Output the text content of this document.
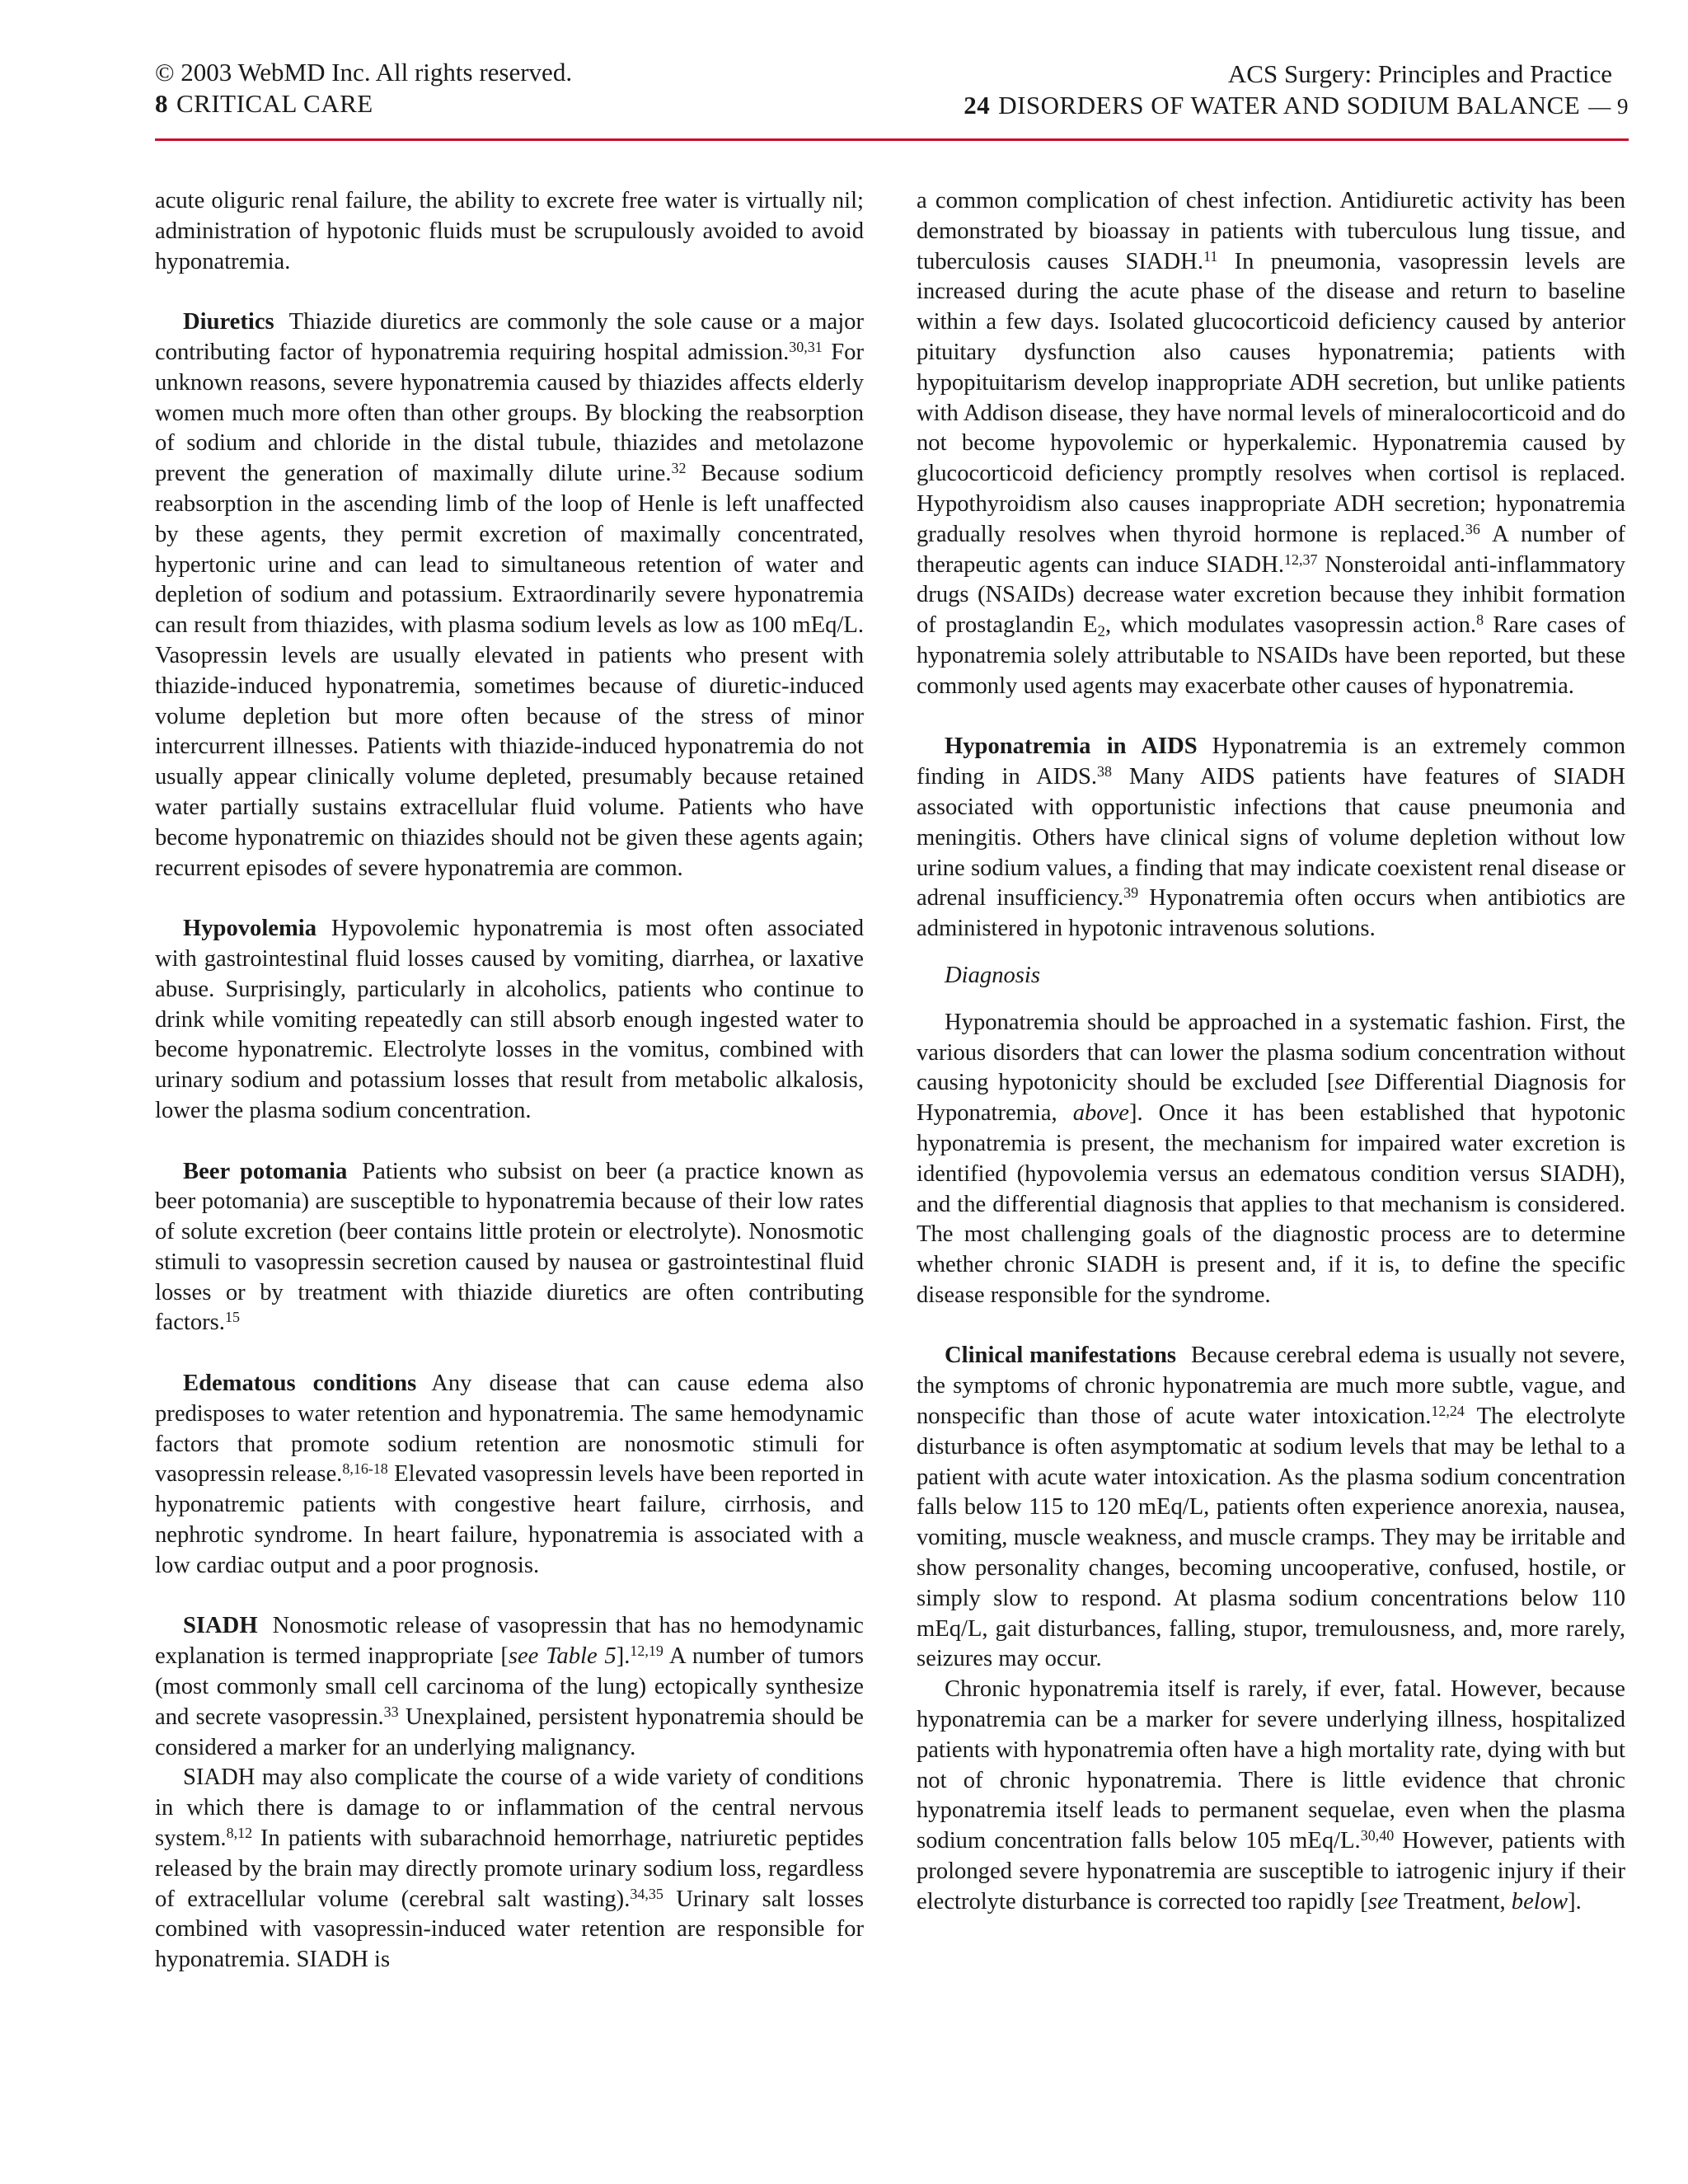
© 2003 WebMD Inc. All rights reserved.
8 CRITICAL CARE
ACS Surgery: Principles and Practice
24 DISORDERS OF WATER AND SODIUM BALANCE — 9

acute oliguric renal failure, the ability to excrete free water is virtually nil; administration of hypotonic fluids must be scrupulously avoided to avoid hyponatremia.

Diuretics Thiazide diuretics are commonly the sole cause or a major contributing factor of hyponatremia requiring hospital admission.$^{30,31}$ For unknown reasons, severe hyponatremia caused by thiazides affects elderly women much more often than other groups. By blocking the reabsorption of sodium and chloride in the distal tubule, thiazides and metolazone prevent the generation of maximally dilute urine.$^{32}$ Because sodium reabsorption in the ascending limb of the loop of Henle is left unaffected by these agents, they permit excretion of maximally concentrated, hypertonic urine and can lead to simultaneous retention of water and depletion of sodium and potassium. Extraordinarily severe hyponatremia can result from thiazides, with plasma sodium levels as low as 100 mEq/L. Vasopressin levels are usually elevated in patients who present with thiazide-induced hyponatremia, sometimes because of diuretic-induced volume depletion but more often because of the stress of minor intercurrent illnesses. Patients with thiazide-induced hyponatremia do not usually appear clinically volume depleted, presumably because retained water partially sustains extracellular fluid volume. Patients who have become hyponatremic on thiazides should not be given these agents again; recurrent episodes of severe hyponatremia are common.

Hypovolemia Hypovolemic hyponatremia is most often associated with gastrointestinal fluid losses caused by vomiting, diarrhea, or laxative abuse. Surprisingly, particularly in alcoholics, patients who continue to drink while vomiting repeatedly can still absorb enough ingested water to become hyponatremic. Electrolyte losses in the vomitus, combined with urinary sodium and potassium losses that result from metabolic alkalosis, lower the plasma sodium concentration.

Beer potomania Patients who subsist on beer (a practice known as beer potomania) are susceptible to hyponatremia because of their low rates of solute excretion (beer contains little protein or electrolyte). Nonosmotic stimuli to vasopressin secretion caused by nausea or gastrointestinal fluid losses or by treatment with thiazide diuretics are often contributing factors.$^{15}$

Edematous conditions Any disease that can cause edema also predisposes to water retention and hyponatremia. The same hemodynamic factors that promote sodium retention are nonosmotic stimuli for vasopressin release.$^{8,16-18}$ Elevated vasopressin levels have been reported in hyponatremic patients with congestive heart failure, cirrhosis, and nephrotic syndrome. In heart failure, hyponatremia is associated with a low cardiac output and a poor prognosis.

SIADH Nonosmotic release of vasopressin that has no hemodynamic explanation is termed inappropriate [see Table 5].$^{12,19}$ A number of tumors (most commonly small cell carcinoma of the lung) ectopically synthesize and secrete vasopressin.$^{33}$ Unexplained, persistent hyponatremia should be considered a marker for an underlying malignancy.

SIADH may also complicate the course of a wide variety of conditions in which there is damage to or inflammation of the central nervous system.$^{8,12}$ In patients with subarachnoid hemorrhage, natriuretic peptides released by the brain may directly promote urinary sodium loss, regardless of extracellular volume (cerebral salt wasting).$^{34,35}$ Urinary salt losses combined with vasopressin-induced water retention are responsible for hyponatremia. SIADH is

a common complication of chest infection. Antidiuretic activity has been demonstrated by bioassay in patients with tuberculous lung tissue, and tuberculosis causes SIADH.$^{11}$ In pneumonia, vasopressin levels are increased during the acute phase of the disease and return to baseline within a few days. Isolated glucocorticoid deficiency caused by anterior pituitary dysfunction also causes hyponatremia; patients with hypopituitarism develop inappropriate ADH secretion, but unlike patients with Addison disease, they have normal levels of mineralocorticoid and do not become hypovolemic or hyperkalemic. Hyponatremia caused by glucocorticoid deficiency promptly resolves when cortisol is replaced. Hypothyroidism also causes inappropriate ADH secretion; hyponatremia gradually resolves when thyroid hormone is replaced.$^{36}$ A number of therapeutic agents can induce SIADH.$^{12,37}$ Nonsteroidal anti-inflammatory drugs (NSAIDs) decrease water excretion because they inhibit formation of prostaglandin $E_2$, which modulates vasopressin action.$^8$ Rare cases of hyponatremia solely attributable to NSAIDs have been reported, but these commonly used agents may exacerbate other causes of hyponatremia.

Hyponatremia in AIDS Hyponatremia is an extremely common finding in AIDS.$^{38}$ Many AIDS patients have features of SIADH associated with opportunistic infections that cause pneumonia and meningitis. Others have clinical signs of volume depletion without low urine sodium values, a finding that may indicate coexistent renal disease or adrenal insufficiency.$^{39}$ Hyponatremia often occurs when antibiotics are administered in hypotonic intravenous solutions.

Diagnosis

Hyponatremia should be approached in a systematic fashion. First, the various disorders that can lower the plasma sodium concentration without causing hypotonicity should be excluded [see Differential Diagnosis for Hyponatremia, above]. Once it has been established that hypotonic hyponatremia is present, the mechanism for impaired water excretion is identified (hypovolemia versus an edematous condition versus SIADH), and the differential diagnosis that applies to that mechanism is considered. The most challenging goals of the diagnostic process are to determine whether chronic SIADH is present and, if it is, to define the specific disease responsible for the syndrome.

Clinical manifestations Because cerebral edema is usually not severe, the symptoms of chronic hyponatremia are much more subtle, vague, and nonspecific than those of acute water intoxication.$^{12,24}$ The electrolyte disturbance is often asymptomatic at sodium levels that may be lethal to a patient with acute water intoxication. As the plasma sodium concentration falls below 115 to 120 mEq/L, patients often experience anorexia, nausea, vomiting, muscle weakness, and muscle cramps. They may be irritable and show personality changes, becoming uncooperative, confused, hostile, or simply slow to respond. At plasma sodium concentrations below 110 mEq/L, gait disturbances, falling, stupor, tremulousness, and, more rarely, seizures may occur.

Chronic hyponatremia itself is rarely, if ever, fatal. However, because hyponatremia can be a marker for severe underlying illness, hospitalized patients with hyponatremia often have a high mortality rate, dying with but not of chronic hyponatremia. There is little evidence that chronic hyponatremia itself leads to permanent sequelae, even when the plasma sodium concentration falls below 105 mEq/L.$^{30,40}$ However, patients with prolonged severe hyponatremia are susceptible to iatrogenic injury if their electrolyte disturbance is corrected too rapidly [see Treatment, below].
